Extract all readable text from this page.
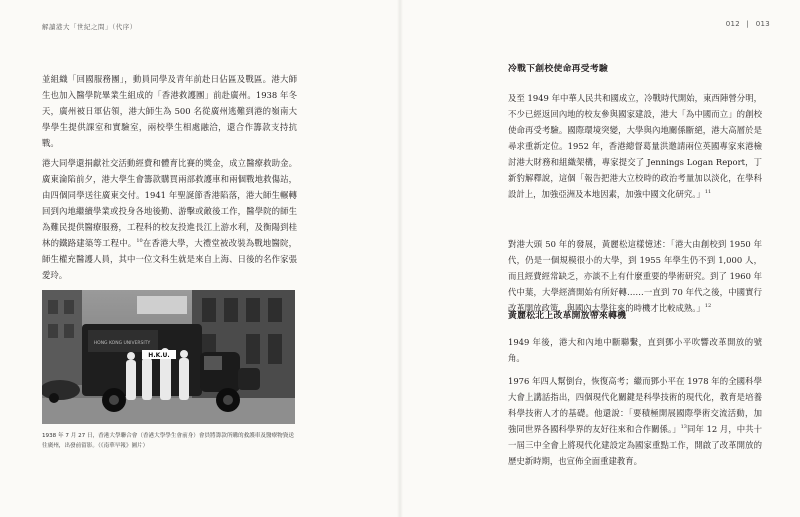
解讀港大「世紀之問」（代序）	012 | 013

並組織「回國服務團」，動員同學及青年前赴日佔區及戰區。港大師生也加入醫學院畢業生組成的「香港救護團」前赴廣州。1938 年冬天，廣州被日軍佔領，港大師生為 500 名從廣州逃難到港的嶺南大學學生提供課室和實驗室，兩校學生相處融洽，還合作籌款支持抗戰。

港大同學還捐獻社交活動經費和體育比賽的獎金，成立醫療救助金。廣東淪陷前夕，港大學生會籌款購買兩部救護車和兩個戰地救傷站，由四個同學送往廣東交付。1941 年聖誕節香港陷落，港大師生輾轉回到內地繼續學業或投身各地後勤、游擊或敵後工作，醫學院的師生為難民提供醫療服務，工程科的校友投進長江上游水利，及衡陽到桂林的鐵路建築等工程中。$^{10}$在香港大學，大禮堂被改裝為戰地醫院，師生權充醫護人員，其中一位文科生就是來自上海、日後的名作家張愛玲。

H.K.U.
HONG KONG UNIVERSITY
1938 年 7 月 27 日，香港大學聯合會（香港大學學生會前身）會員將籌款所購的救護車及醫療物資送往廣州，出發前留影。（《南華早報》圖片）
冷戰下創校使命再受考驗

及至 1949 年中華人民共和國成立，冷戰時代開始，東西陣營分明，不少已經返回內地的校友參與國家建設，港大「為中國而立」的創校使命再受考驗。國際環境突變，大學與內地關係斷絕，港大高層於是尋求重新定位。1952 年，香港總督葛量洪邀請兩位英國專家來港檢討港大財務和組織架構，專家提交了 Jennings Logan Report，丁新豹解釋說，這個「報告把港大立校時的政治考量加以淡化，在學科設計上，加強亞洲及本地因素，加強中國文化研究。」$^{11}$

對港大頭 50 年的發展，黃麗松這樣憶述：「港大由創校到 1950 年代，仍是一個規模很小的大學，到 1955 年學生仍不到 1,000 人，而且經費經常缺乏，亦談不上有什麼重要的學術研究。到了 1960 年代中葉，大學經濟開始有所好轉……一直到 70 年代之後，中國實行改革開放政策，與國內大學往來的時機才比較成熟。」$^{12}$

黃麗松北上改革開放帶來轉機

1949 年後，港大和內地中斷聯繫，直到鄧小平吹響改革開放的號角。

1976 年四人幫倒台，恢復高考；繼而鄧小平在 1978 年的全國科學大會上講話指出，四個現代化關鍵是科學技術的現代化，教育是培養科學技術人才的基礎。他還說：「要積極開展國際學術交流活動，加強同世界各國科學界的友好往來和合作關係。」$^{13}$同年 12 月，中共十一屆三中全會上將現代化建設定為國家重點工作，開啟了改革開放的歷史新時期，也宣佈全面重建教育。
